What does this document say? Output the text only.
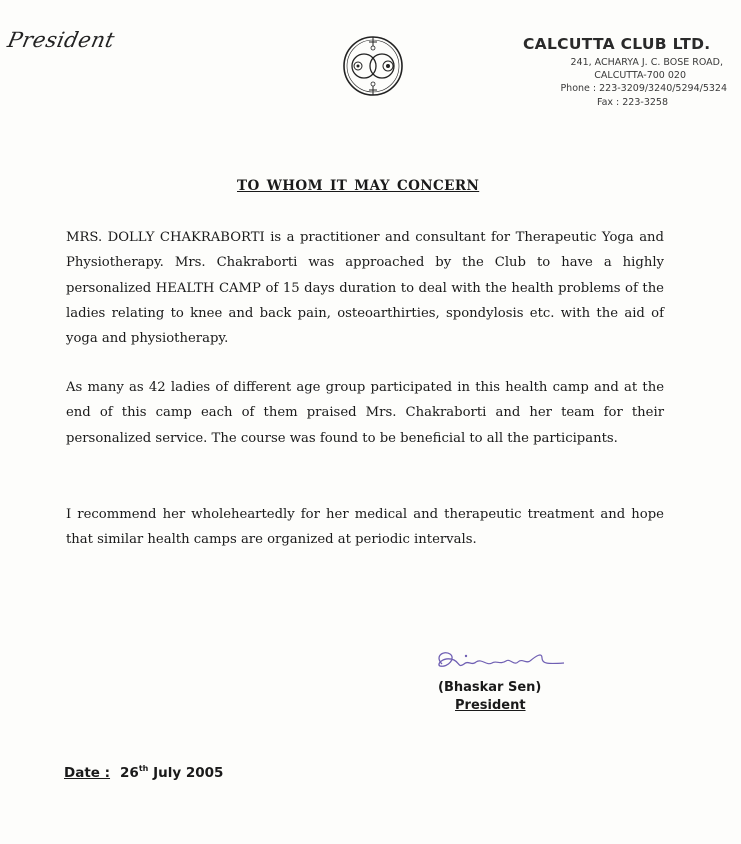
President	CALCUTTA CLUB LTD.
241, ACHARYA J. C. BOSE ROAD,
CALCUTTA-700 020
Phone : 223-3209/3240/5294/5324
Fax : 223-3258
TO WHOM IT MAY CONCERN

MRS. DOLLY CHAKRABORTI is a practitioner and consultant for Therapeutic Yoga and Physiotherapy. Mrs. Chakraborti was approached by the Club to have a highly personalized HEALTH CAMP of 15 days duration to deal with the health problems of the ladies relating to knee and back pain, osteoarthirties, spondylosis etc. with the aid of yoga and physiotherapy.

As many as 42 ladies of different age group participated in this health camp and at the end of this camp each of them praised Mrs. Chakraborti and her team for their personalized service. The course was found to be beneficial to all the participants.

I recommend her wholeheartedly for her medical and therapeutic treatment and hope that similar health camps are organized at periodic intervals.

(Bhaskar Sen)
President
Date : 26th July 2005
